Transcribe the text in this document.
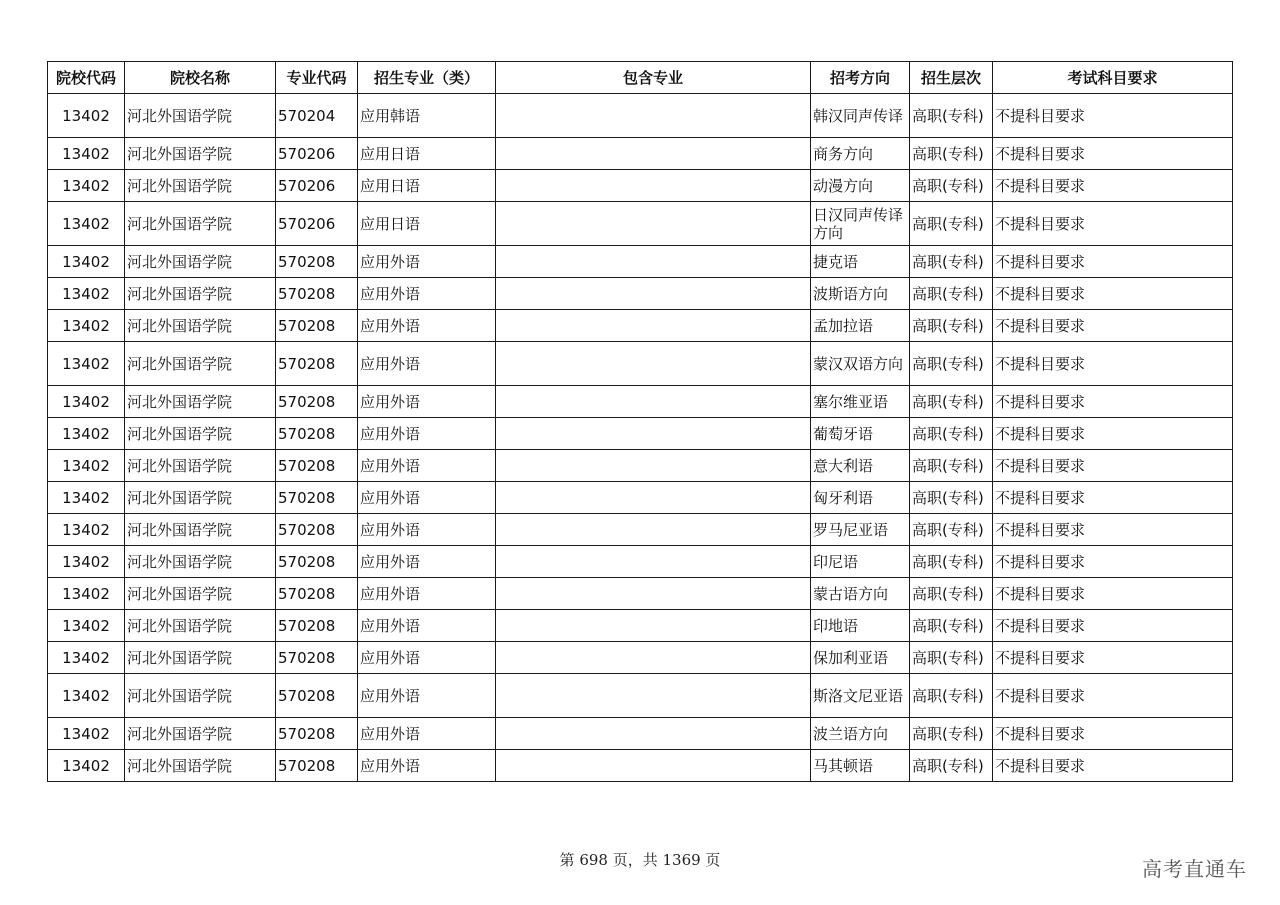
院校代码	院校名称	专业代码	招生专业（类）	包含专业	招考方向	招生层次	考试科目要求
13402	河北外国语学院	570204	应用韩语		韩汉同声传译	高职(专科)	不提科目要求
13402	河北外国语学院	570206	应用日语		商务方向	高职(专科)	不提科目要求
13402	河北外国语学院	570206	应用日语		动漫方向	高职(专科)	不提科目要求
13402	河北外国语学院	570206	应用日语		日汉同声传译方向	高职(专科)	不提科目要求
13402	河北外国语学院	570208	应用外语		捷克语	高职(专科)	不提科目要求
13402	河北外国语学院	570208	应用外语		波斯语方向	高职(专科)	不提科目要求
13402	河北外国语学院	570208	应用外语		孟加拉语	高职(专科)	不提科目要求
13402	河北外国语学院	570208	应用外语		蒙汉双语方向	高职(专科)	不提科目要求
13402	河北外国语学院	570208	应用外语		塞尔维亚语	高职(专科)	不提科目要求
13402	河北外国语学院	570208	应用外语		葡萄牙语	高职(专科)	不提科目要求
13402	河北外国语学院	570208	应用外语		意大利语	高职(专科)	不提科目要求
13402	河北外国语学院	570208	应用外语		匈牙利语	高职(专科)	不提科目要求
13402	河北外国语学院	570208	应用外语		罗马尼亚语	高职(专科)	不提科目要求
13402	河北外国语学院	570208	应用外语		印尼语	高职(专科)	不提科目要求
13402	河北外国语学院	570208	应用外语		蒙古语方向	高职(专科)	不提科目要求
13402	河北外国语学院	570208	应用外语		印地语	高职(专科)	不提科目要求
13402	河北外国语学院	570208	应用外语		保加利亚语	高职(专科)	不提科目要求
13402	河北外国语学院	570208	应用外语		斯洛文尼亚语	高职(专科)	不提科目要求
13402	河北外国语学院	570208	应用外语		波兰语方向	高职(专科)	不提科目要求
13402	河北外国语学院	570208	应用外语		马其顿语	高职(专科)	不提科目要求
第 698 页，共 1369 页	高考直通车
